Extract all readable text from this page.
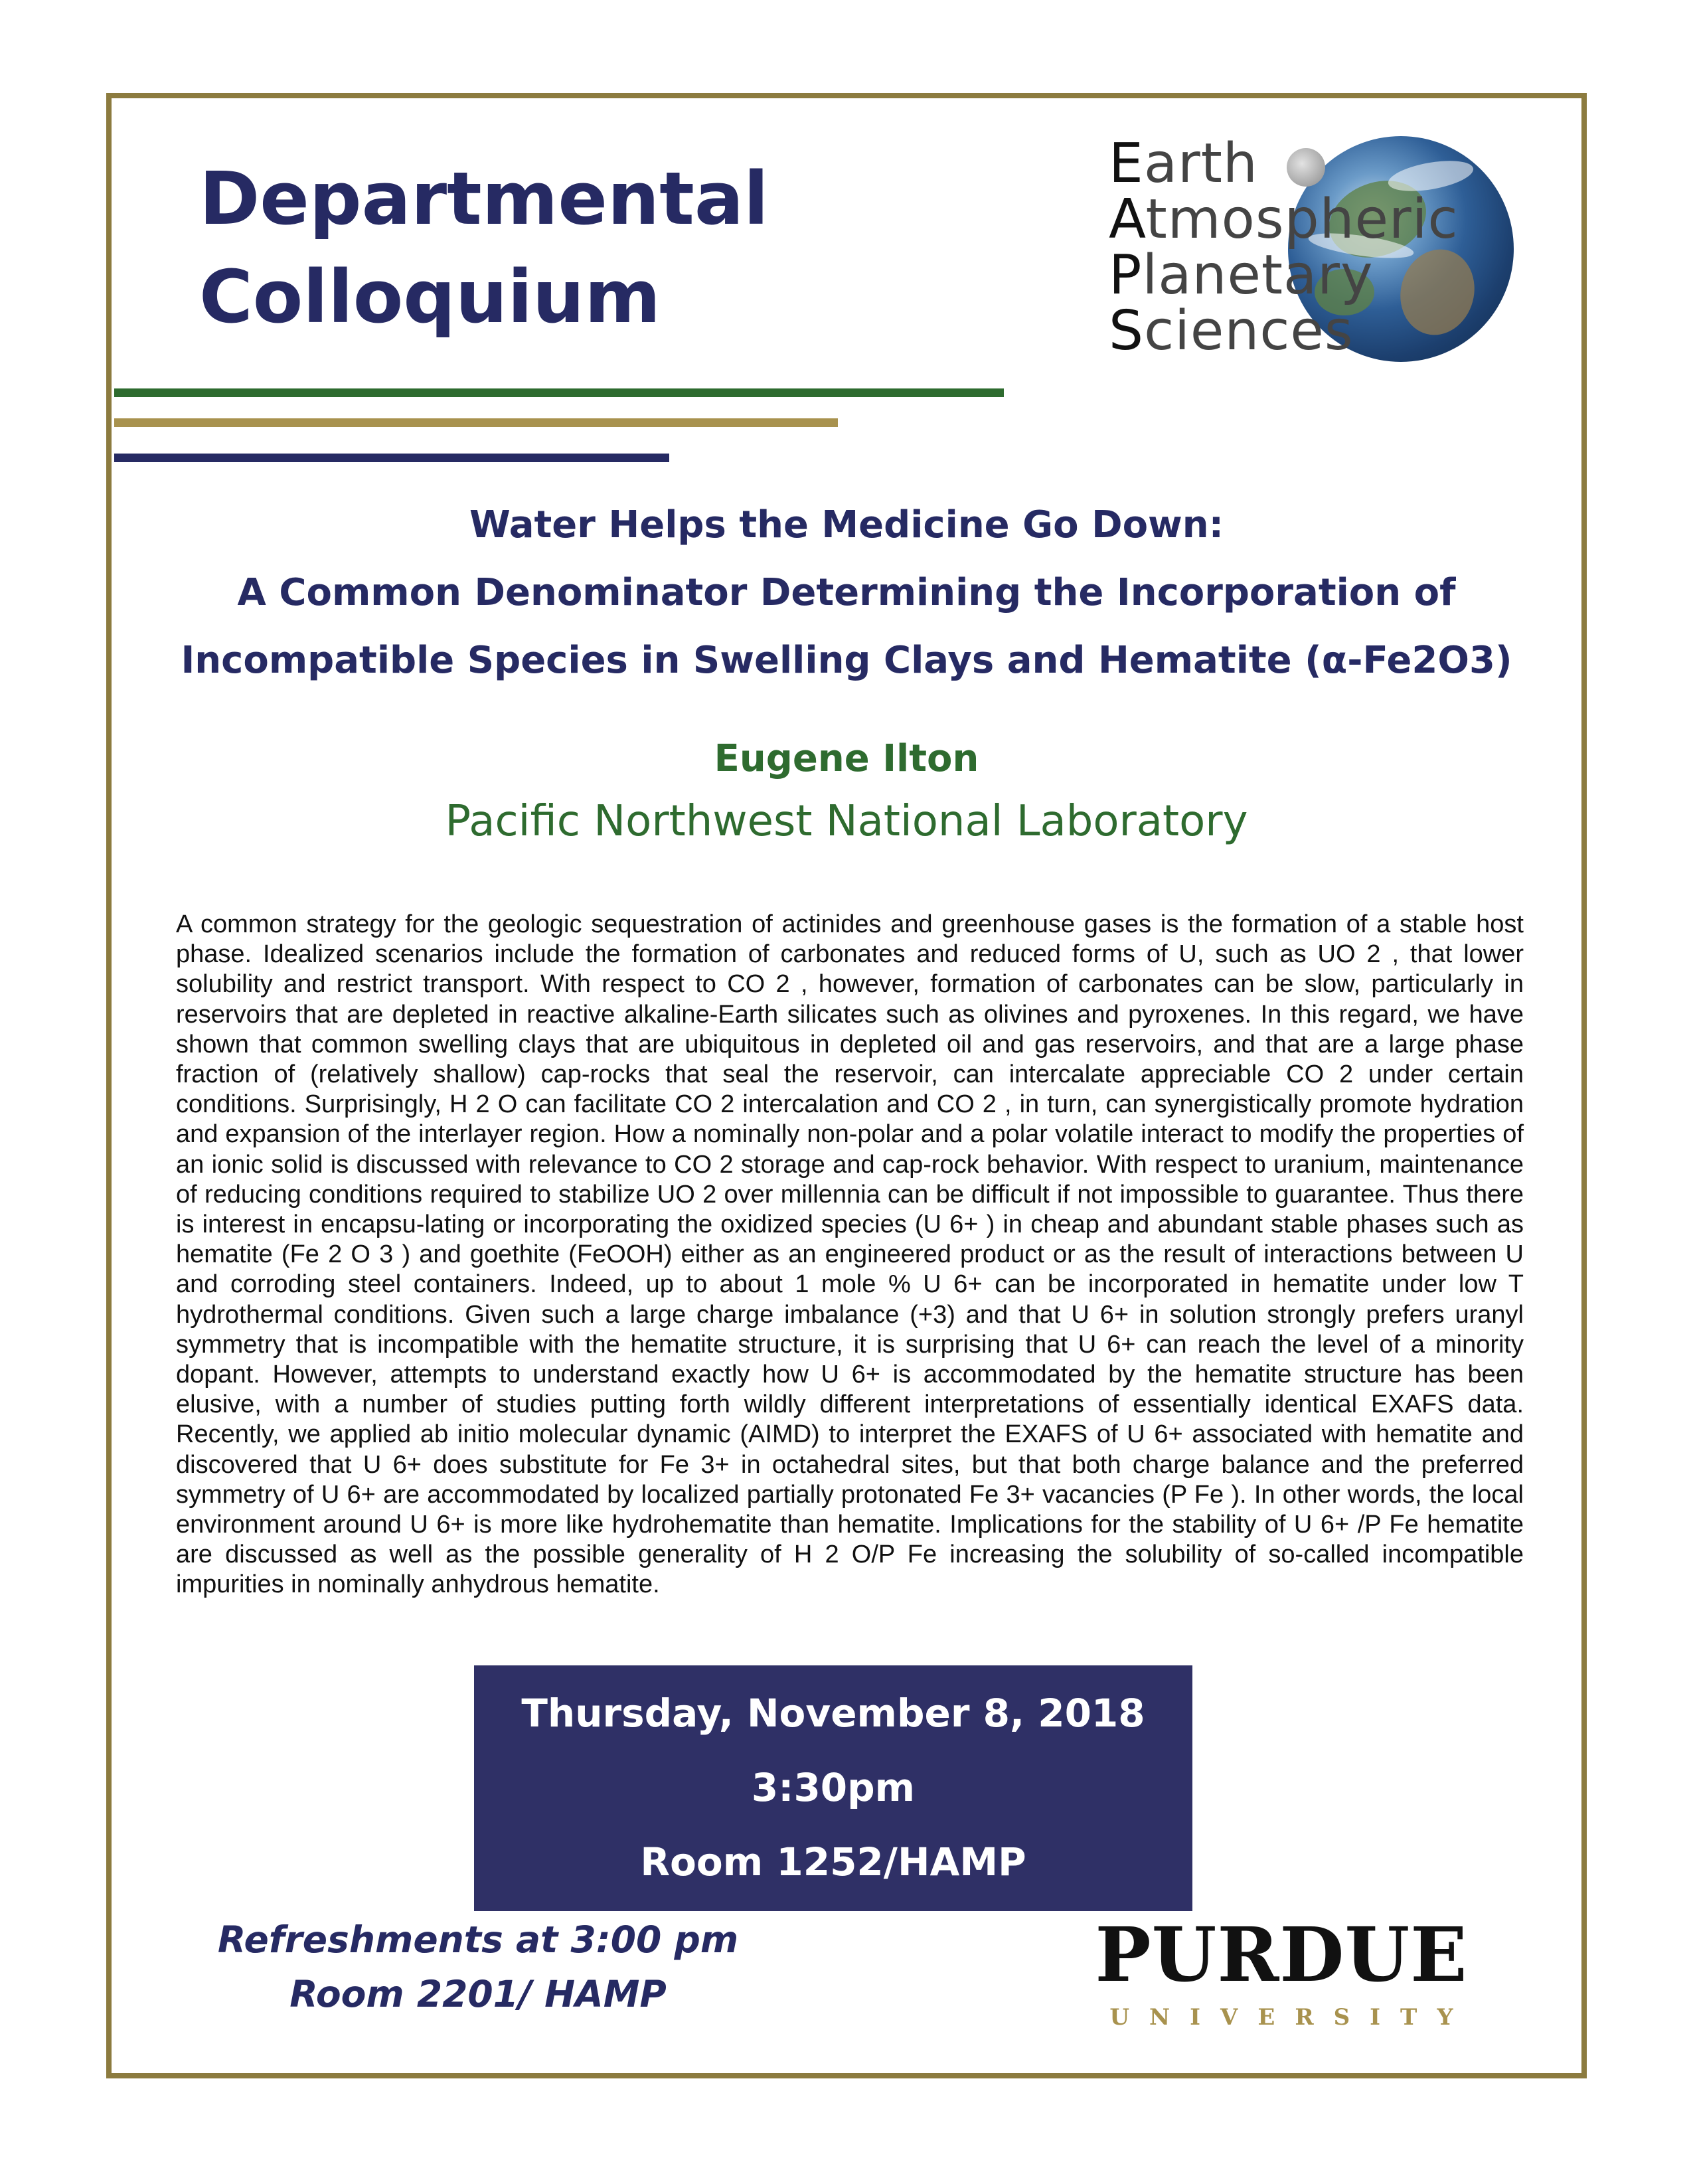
Departmental
Colloquium
Earth
Atmospheric
Planetary
Sciences
Water Helps the Medicine Go Down:
A Common Denominator Determining the Incorporation of
Incompatible Species in Swelling Clays and Hematite (α-Fe2O3)
Eugene Ilton
Pacific Northwest National Laboratory

A common strategy for the geologic sequestration of actinides and greenhouse gases is the formation of a stable host phase. Idealized scenarios include the formation of carbonates and reduced forms of U, such as UO 2 , that lower solubility and restrict transport. With respect to CO 2 , however, formation of carbonates can be slow, particularly in reservoirs that are depleted in reactive alkaline-Earth silicates such as olivines and pyroxenes. In this regard, we have shown that common swelling clays that are ubiquitous in depleted oil and gas reservoirs, and that are a large phase fraction of (relatively shallow) cap-rocks that seal the reservoir, can intercalate appreciable CO 2 under certain conditions. Surprisingly, H 2 O can facilitate CO 2 intercalation and CO 2 , in turn, can synergistically promote hydration and expansion of the interlayer region. How a nominally non-polar and a polar volatile interact to modify the properties of an ionic solid is discussed with relevance to CO 2 storage and cap-rock behavior. With respect to uranium, maintenance of reducing conditions required to stabilize UO 2 over millennia can be difficult if not impossible to guarantee. Thus there is interest in encapsu-lating or incorporating the oxidized species (U 6+ ) in cheap and abundant stable phases such as hematite (Fe 2 O 3 ) and goethite (FeOOH) either as an engineered product or as the result of interactions between U and corroding steel containers. Indeed, up to about 1 mole % U 6+ can be incorporated in hematite under low T hydrothermal conditions. Given such a large charge imbalance (+3) and that U 6+ in solution strongly prefers uranyl symmetry that is incompatible with the hematite structure, it is surprising that U 6+ can reach the level of a minority dopant. However, attempts to understand exactly how U 6+ is accommodated by the hematite structure has been elusive, with a number of studies putting forth wildly different interpretations of essentially identical EXAFS data. Recently, we applied ab initio molecular dynamic (AIMD) to interpret the EXAFS of U 6+ associated with hematite and discovered that U 6+ does substitute for Fe 3+ in octahedral sites, but that both charge balance and the preferred symmetry of U 6+ are accommodated by localized partially protonated Fe 3+ vacancies (P Fe ). In other words, the local environment around U 6+ is more like hydrohematite than hematite. Implications for the stability of U 6+ /P Fe hematite are discussed as well as the possible generality of H 2 O/P Fe increasing the solubility of so-called incompatible impurities in nominally anhydrous hematite.

Thursday, November 8, 2018
3:30pm
Room 1252/HAMP
Refreshments at 3:00 pm
Room 2201/ HAMP	PURDUE
UNIVERSITY
